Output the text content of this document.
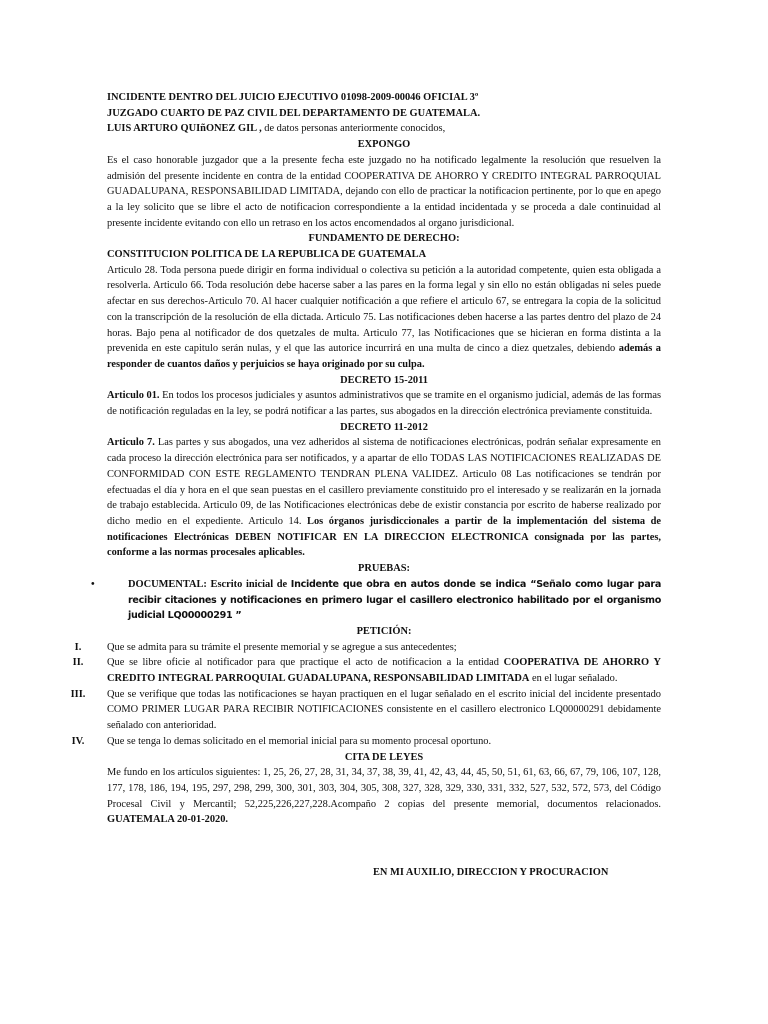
INCIDENTE DENTRO DEL JUICIO EJECUTIVO 01098-2009-00046 OFICIAL 3º

JUZGADO CUARTO DE PAZ CIVIL DEL DEPARTAMENTO DE GUATEMALA.

LUIS ARTURO QUIñONEZ GIL , de datos personas anteriormente conocidos,

EXPONGO

Es el caso honorable juzgador que a la presente fecha este juzgado no ha notificado legalmente la resolución que resuelven la admisión del presente incidente en contra de la entidad COOPERATIVA DE AHORRO Y CREDITO INTEGRAL PARROQUIAL GUADALUPANA, RESPONSABILIDAD LIMITADA, dejando con ello de practicar la notificacion pertinente, por lo que en apego a la ley solicito que se libre el acto de notificacion correspondiente a la entidad incidentada y se proceda a dale continuidad al presente incidente evitando con ello un retraso en los actos encomendados al organo jurisdicional.

FUNDAMENTO DE DERECHO:

CONSTITUCION POLITICA DE LA REPUBLICA DE GUATEMALA

Articulo 28. Toda persona puede dirigir en forma individual o colectiva su petición a la autoridad competente, quien esta obligada a resolverla. Articulo 66. Toda resolución debe hacerse saber a las pares en la forma legal y sin ello no están obligadas ni seles puede afectar en sus derechos-Articulo 70. Al hacer cualquier notificación a que refiere el articulo 67, se entregara la copia de la solicitud con la transcripción de la resolución de ella dictada. Articulo 75. Las notificaciones deben hacerse a las partes dentro del plazo de 24 horas. Bajo pena al notificador de dos quetzales de multa. Articulo 77, las Notificaciones que se hicieran en forma distinta a la prevenida en este capitulo serán nulas, y el que las autorice incurrirá en una multa de cinco a diez quetzales, debiendo además a responder de cuantos daños y perjuicios se haya originado por su culpa.

DECRETO 15-2011

Articulo 01. En todos los procesos judiciales y asuntos administrativos que se tramite en el organismo judicial, además de las formas de notificación reguladas en la ley, se podrá notificar a las partes, sus abogados en la dirección electrónica previamente constituida.

DECRETO 11-2012

Articulo 7. Las partes y sus abogados, una vez adheridos al sistema de notificaciones electrónicas, podrán señalar expresamente en cada proceso la dirección electrónica para ser notificados, y a apartar de ello TODAS LAS NOTIFICACIONES REALIZADAS DE CONFORMIDAD CON ESTE REGLAMENTO TENDRAN PLENA VALIDEZ. Articulo 08 Las notificaciones se tendrán por efectuadas el día y hora en el que sean puestas en el casillero previamente constituido pro el interesado y se realizarán en la jornada de trabajo establecida. Articulo 09, de las Notificaciones electrónicas debe de existir constancia por escrito de haberse realizado por dicho medio en el expediente. Articulo 14. Los órganos jurisdiccionales a partir de la implementación del sistema de notificaciones Electrónicas DEBEN NOTIFICAR EN LA DIRECCION ELECTRONICA consignada por las partes, conforme a las normas procesales aplicables.

PRUEBAS:

•	DOCUMENTAL: Escrito inicial de Incidente que obra en autos donde se indica “Señalo como lugar para recibir citaciones y notificaciones en primero lugar el casillero electronico habilitado por el organismo judicial LQ00000291 ”

PETICIÓN:

I.	Que se admita para su trámite el presente memorial y se agregue a sus antecedentes;
II.	Que se libre oficie al notificador para que practique el acto de notificacion a la entidad COOPERATIVA DE AHORRO Y CREDITO INTEGRAL PARROQUIAL GUADALUPANA, RESPONSABILIDAD LIMITADA en el lugar señalado.
III.	Que se verifique que todas las notificaciones se hayan practiquen en el lugar señalado en el escrito inicial del incidente presentado COMO PRIMER LUGAR PARA RECIBIR NOTIFICACIONES consistente en el casillero electronico LQ00000291 debidamente señalado con anterioridad.
IV.	Que se tenga lo demas solicitado en el memorial inicial para su momento procesal oportuno.

CITA DE LEYES

Me fundo en los artículos siguientes: 1, 25, 26, 27, 28, 31, 34, 37, 38, 39, 41, 42, 43, 44, 45, 50, 51, 61, 63, 66, 67, 79, 106, 107, 128, 177, 178, 186, 194, 195, 297, 298, 299, 300, 301, 303, 304, 305, 308, 327, 328, 329, 330, 331, 332, 527, 532, 572, 573, del Código Procesal Civil y Mercantil; 52,225,226,227,228.Acompaño 2 copias del presente memorial, documentos relacionados. GUATEMALA 20-01-2020.

EN MI AUXILIO, DIRECCION Y PROCURACION
